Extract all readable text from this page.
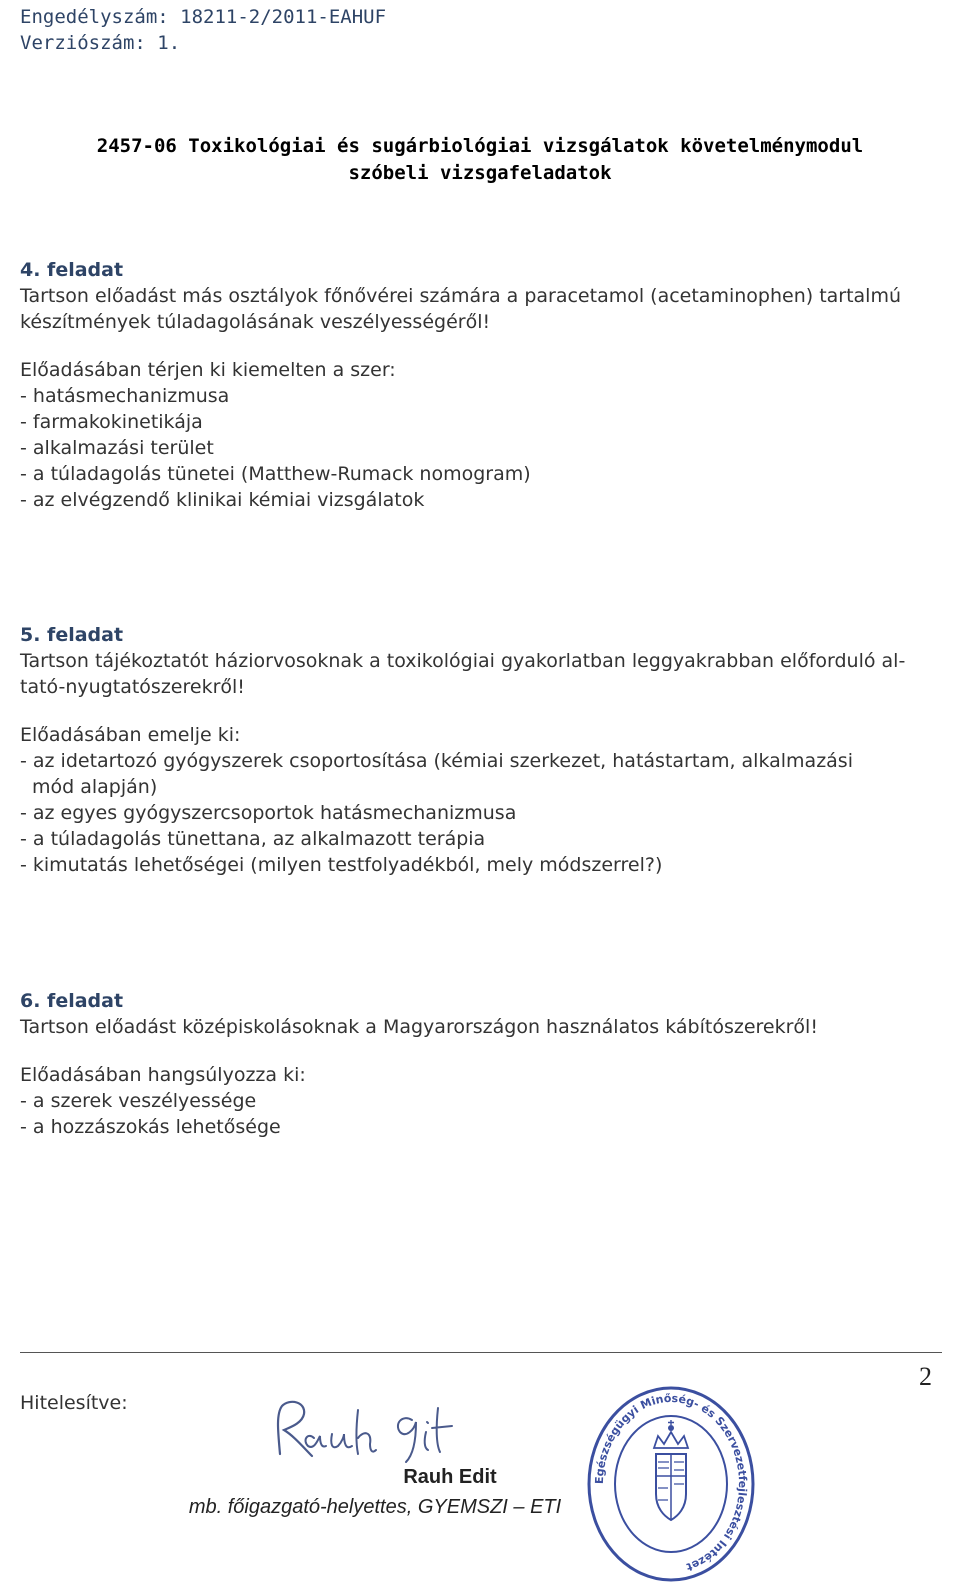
Engedélyszám: 18211-2/2011-EAHUF
Verziószám: 1.
2457-06 Toxikológiai és sugárbiológiai vizsgálatok követelménymodul
szóbeli vizsgafeladatok
4. feladat
Tartson előadást más osztályok főnővérei számára a paracetamol (acetaminophen) tartalmú
készítmények túladagolásának veszélyességéről!
Előadásában térjen ki kiemelten a szer:
- hatásmechanizmusa
- farmakokinetikája
- alkalmazási terület
- a túladagolás tünetei (Matthew-Rumack nomogram)
- az elvégzendő klinikai kémiai vizsgálatok
5. feladat
Tartson tájékoztatót háziorvosoknak a toxikológiai gyakorlatban leggyakrabban előforduló al-
tató-nyugtatószerekről!
Előadásában emelje ki:
- az idetartozó gyógyszerek csoportosítása (kémiai szerkezet, hatástartam, alkalmazási
mód alapján)
- az egyes gyógyszercsoportok hatásmechanizmusa
- a túladagolás tünettana, az alkalmazott terápia
- kimutatás lehetőségei (milyen testfolyadékból, mely módszerrel?)
6. feladat
Tartson előadást középiskolásoknak a Magyarországon használatos kábítószerekről!
Előadásában hangsúlyozza ki:
- a szerek veszélyessége
- a hozzászokás lehetősége
2
Hitelesítve:
Rauh Edit
mb. főigazgató-helyettes, GYEMSZI – ETI
Egészségügyi Minőség- és Szervezetfejlesztési Intézet
